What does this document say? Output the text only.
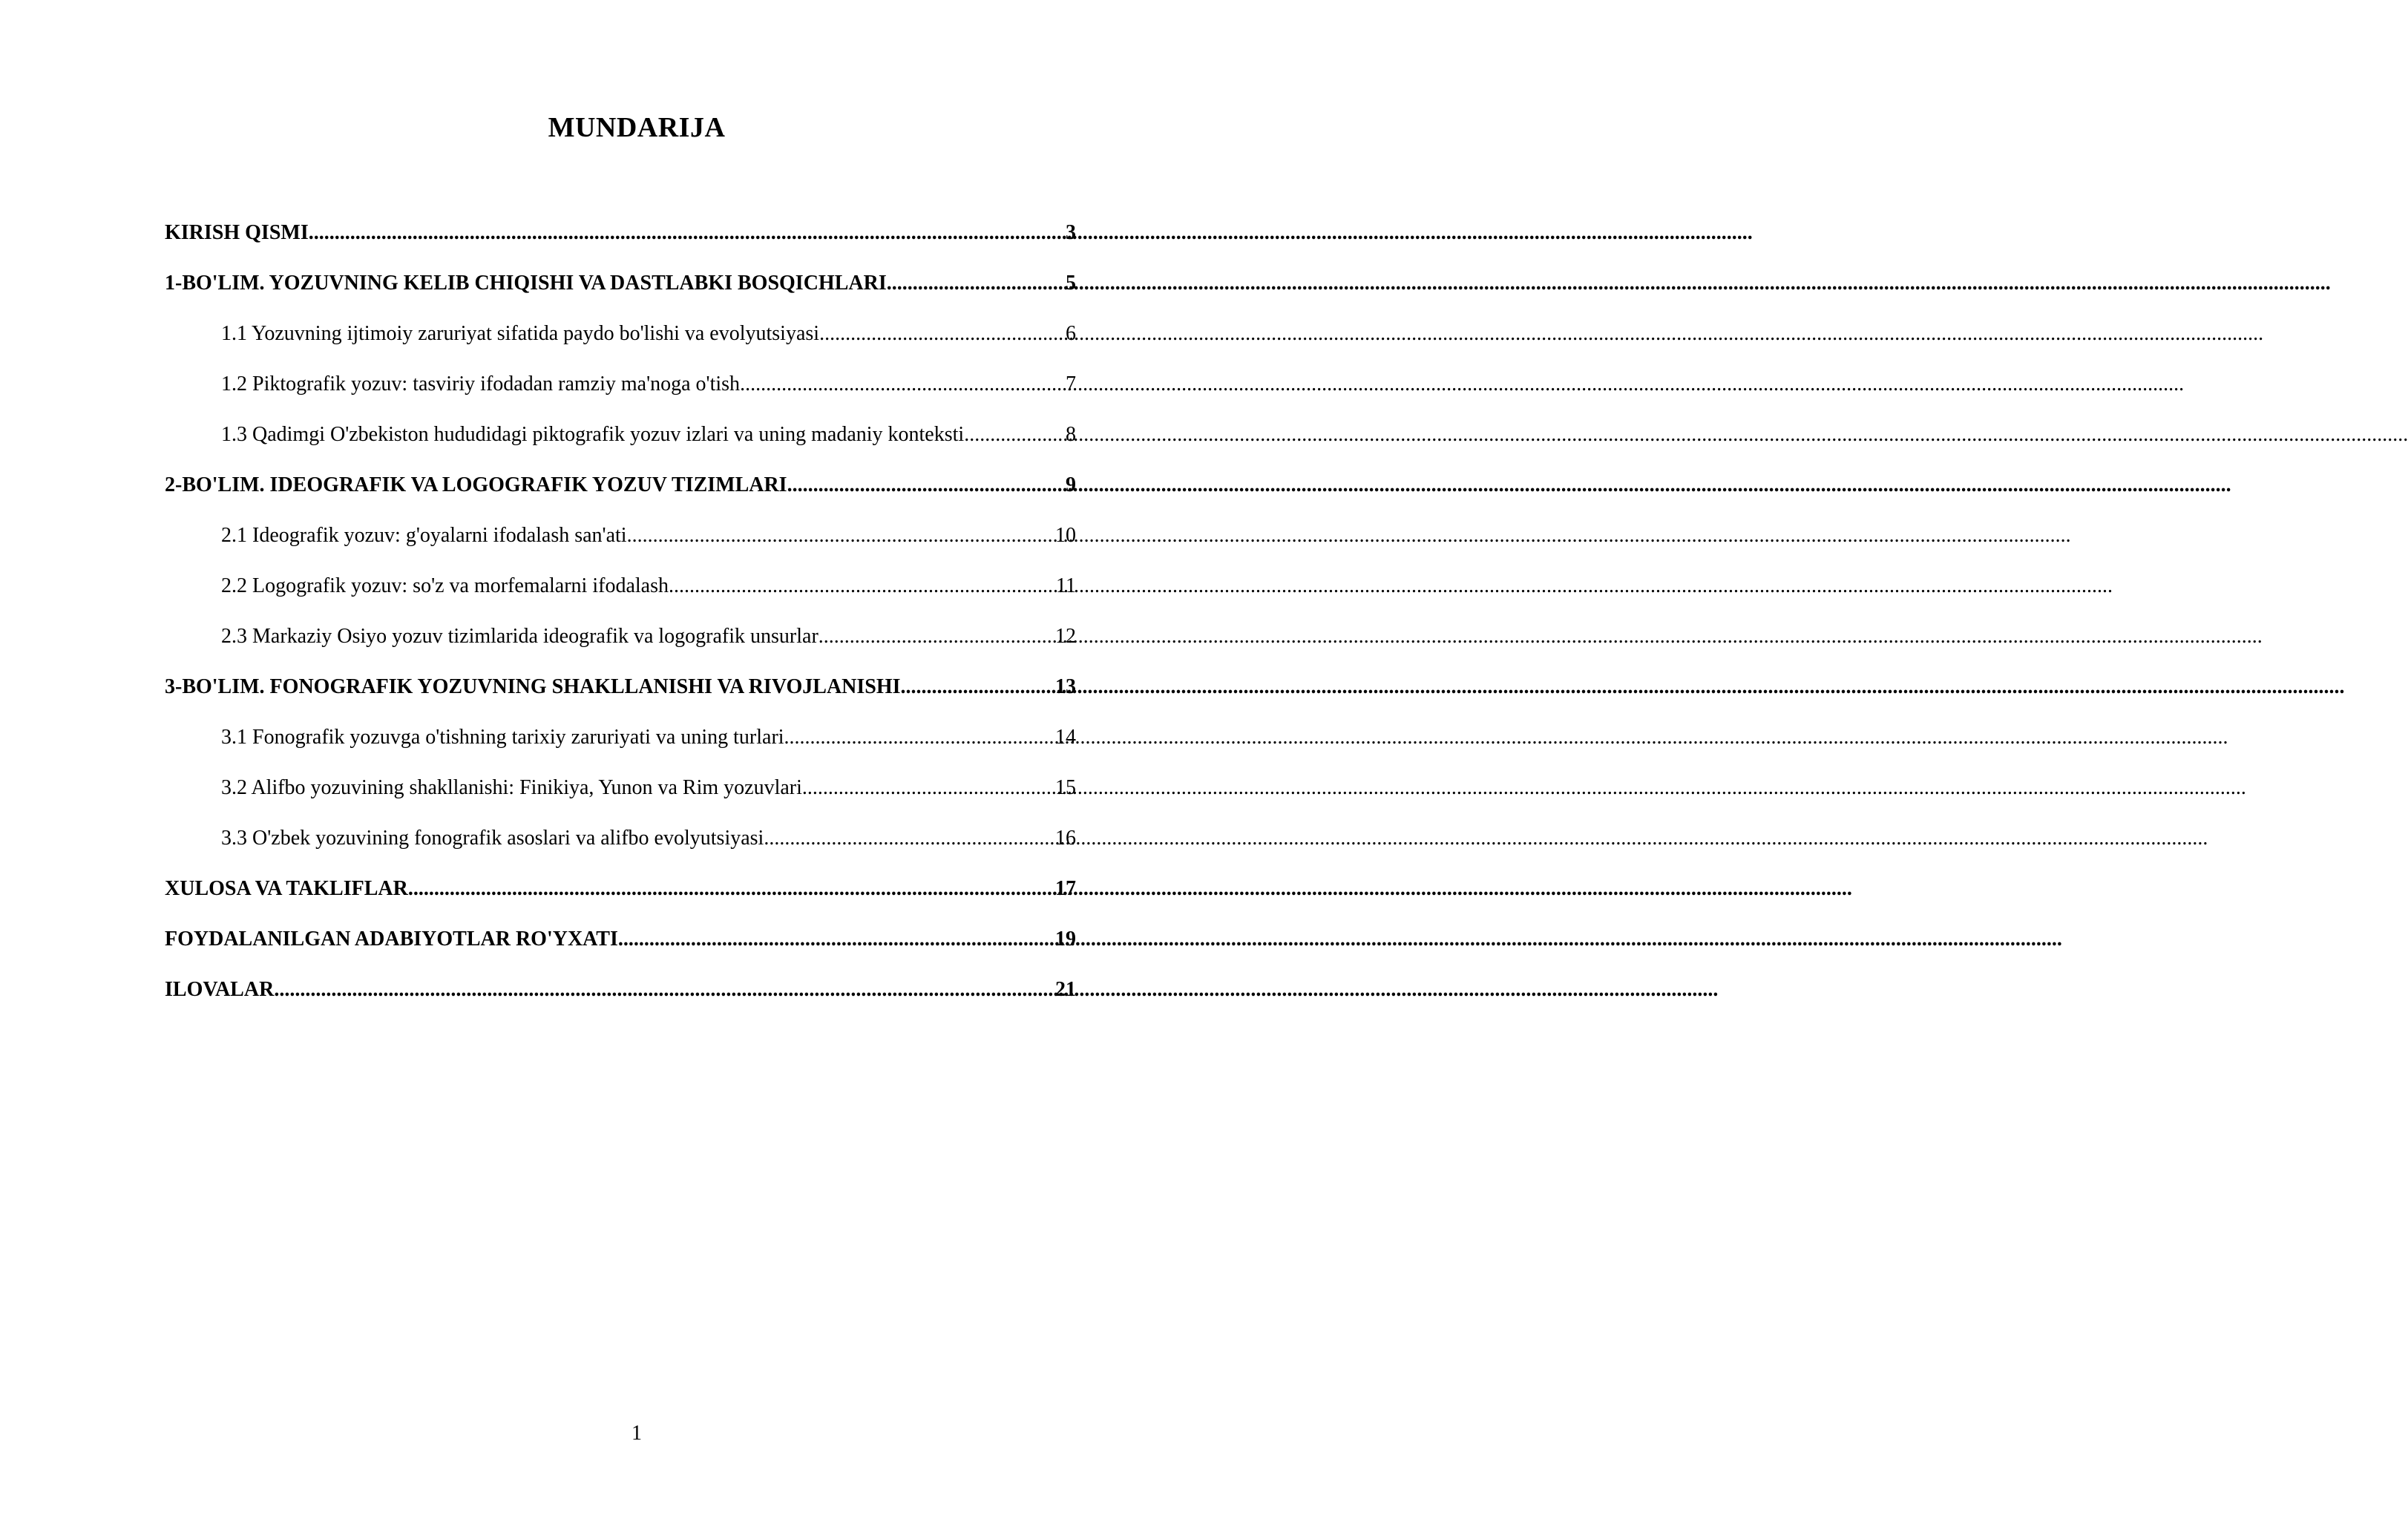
MUNDARIJA
KIRISH QISMI .....	3
1-BO'LIM. YOZUVNING KELIB CHIQISHI VA DASTLABKI BOSQICHLARI .....	5
1.1 Yozuvning ijtimoiy zaruriyat sifatida paydo bo'lishi va evolyutsiyasi .....	6
1.2 Piktografik yozuv: tasviriy ifodadan ramziy ma'noga o'tish .....	7
1.3 Qadimgi O'zbekiston hududidagi piktografik yozuv izlari va uning madaniy konteksti .....	8
2-BO'LIM. IDEOGRAFIK VA LOGOGRAFIK YOZUV TIZIMLARI .....	9
2.1 Ideografik yozuv: g'oyalarni ifodalash san'ati .....	10
2.2 Logografik yozuv: so'z va morfemalarni ifodalash .....	11
2.3 Markaziy Osiyo yozuv tizimlarida ideografik va logografik unsurlar .....	12
3-BO'LIM. FONOGRAFIK YOZUVNING SHAKLLANISHI VA RIVOJLANISHI .....	13
3.1 Fonografik yozuvga o'tishning tarixiy zaruriyati va uning turlari .....	14
3.2 Alifbo yozuvining shakllanishi: Finikiya, Yunon va Rim yozuvlari .....	15
3.3 O'zbek yozuvining fonografik asoslari va alifbo evolyutsiyasi .....	16
XULOSA VA TAKLIFLAR .....	17
FOYDALANILGAN ADABIYOTLAR RO'YXATI .....	19
ILOVALAR .....	21
1
